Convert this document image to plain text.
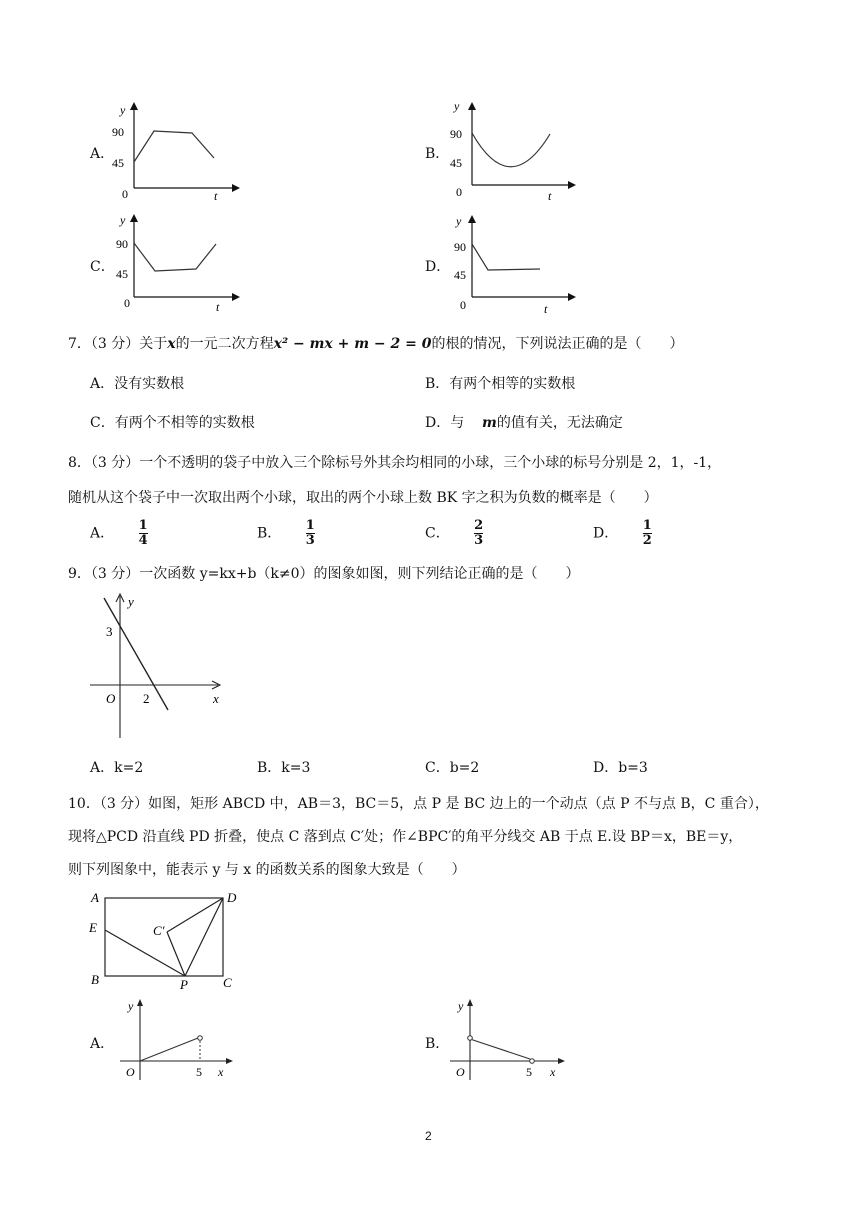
A．
y
90
45
0	t
B．
y
90
45
0	t
C．
y
90
45
0	t
D．
y
90
45
0	t
7．（3 分）关于x的一元二次方程x² − mx + m − 2 = 0的根的情况，下列说法正确的是（　　）
A．没有实数根	B．有两个相等的实数根
C．有两个不相等的实数根	D．与 m的值有关，无法确定
8．（3 分）一个不透明的袋子中放入三个除标号外其余均相同的小球，三个小球的标号分别是 2，1，-1，
随机从这个袋子中一次取出两个小球，取出的两个小球上数 BK 字之积为负数的概率是（　　）
A． $\frac{1}{4}$	B． $\frac{1}{3}$	C． $\frac{2}{3}$	D． $\frac{1}{2}$
9．（3 分）一次函数 y=kx+b（k≠0）的图象如图，则下列结论正确的是（　　）
y
3
O 2	x
A．k=2	B．k=3	C．b=2	D．b=3
10．（3 分）如图，矩形 ABCD 中，AB＝3，BC＝5，点 P 是 BC 边上的一个动点（点 P 不与点 B，C 重合），
现将△PCD 沿直线 PD 折叠，使点 C 落到点 C′处；作∠BPC′的角平分线交 AB 于点 E.设 BP＝x，BE＝y，
则下列图象中，能表示 y 与 x 的函数关系的图象大致是（　　）
A	D
E	C′
B	P	C
A．
y
O	5 x
B．
y
O	5 x
2
